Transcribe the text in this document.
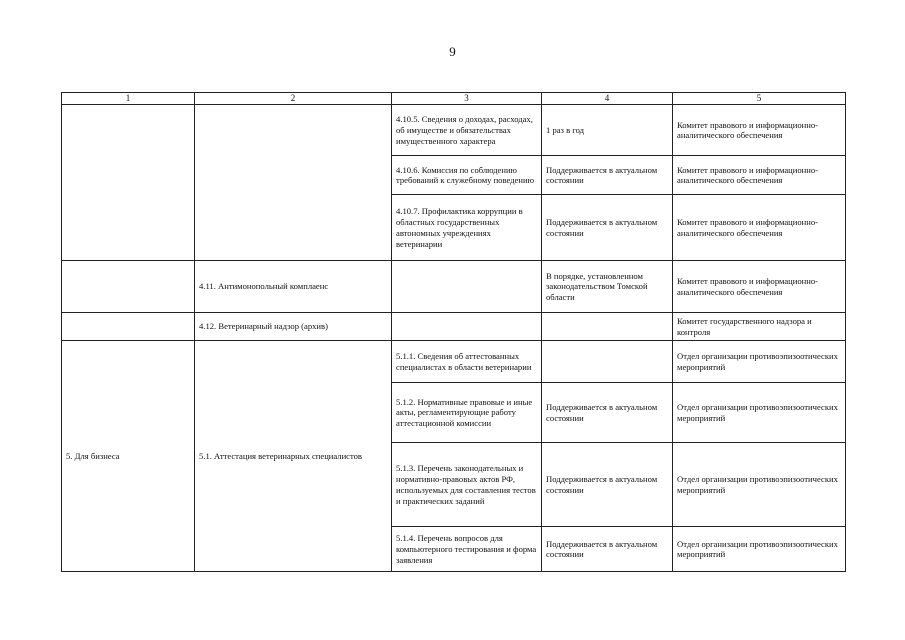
9
1	2	3	4	5
		4.10.5. Сведения о доходах, расходах, об имуществе и обязательствах имущественного характера	1 раз в год	Комитет правового и информационно-аналитического обеспечения
		4.10.6. Комиссия по соблюдению требований к служебному поведению	Поддерживается в актуальном состоянии	Комитет правового и информационно-аналитического обеспечения
		4.10.7. Профилактика коррупции в областных государственных автономных учреждениях ветеринарии	Поддерживается в актуальном состоянии	Комитет правового и информационно-аналитического обеспечения
	4.11. Антимонопольный комплаенс		В порядке, установленном законодательством Томской области	Комитет правового и информационно-аналитического обеспечения
	4.12. Ветеринарный надзор (архив)			Комитет государственного надзора и контроля
5. Для бизнеса	5.1. Аттестация ветеринарных специалистов	5.1.1. Сведения об аттестованных специалистах в области ветеринарии		Отдел организации противоэпизоотических мероприятий
		5.1.2. Нормативные правовые и иные акты, регламентирующие работу аттестационной комиссии	Поддерживается в актуальном состоянии	Отдел организации противоэпизоотических мероприятий
		5.1.3. Перечень законодательных и нормативно-правовых актов РФ, используемых для составления тестов и практических заданий	Поддерживается в актуальном состоянии	Отдел организации противоэпизоотических мероприятий
		5.1.4. Перечень вопросов для компьютерного тестирования и форма заявления	Поддерживается в актуальном состоянии	Отдел организации противоэпизоотических мероприятий
